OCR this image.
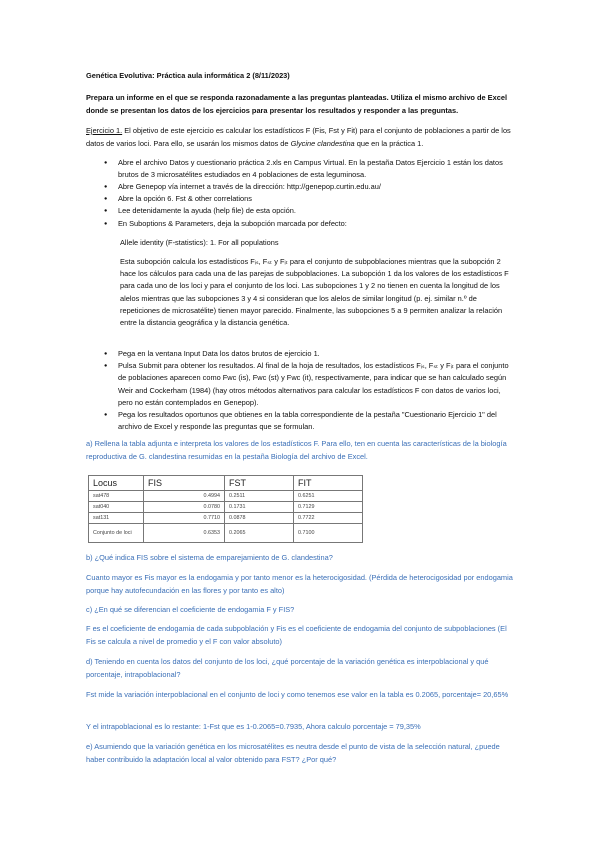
Genética Evolutiva: Práctica aula informática 2 (8/11/2023)
Prepara un informe en el que se responda razonadamente a las preguntas planteadas. Utiliza el mismo archivo de Excel donde se presentan los datos de los ejercicios para presentar los resultados y responder a las preguntas.
Ejercicio 1. El objetivo de este ejercicio es calcular los estadísticos F (Fis, Fst y Fit) para el conjunto de poblaciones a partir de los datos de varios loci. Para ello, se usarán los mismos datos de Glycine clandestina que en la práctica 1.
● Abre el archivo Datos y cuestionario práctica 2.xls en Campus Virtual. En la pestaña Datos Ejercicio 1 están los datos brutos de 3 microsatélites estudiados en 4 poblaciones de esta leguminosa.
● Abre Genepop vía internet a través de la dirección: http://genepop.curtin.edu.au/
● Abre la opción 6. Fst & other correlations
● Lee detenidamente la ayuda (help file) de esta opción.
● En Suboptions & Parameters, deja la subopción marcada por defecto:
Allele identity (F-statistics): 1. For all populations
Esta subopción calcula los estadísticos Fᵢₛ, Fₛₜ y Fᵢₜ para el conjunto de subpoblaciones mientras que la subopción 2 hace los cálculos para cada una de las parejas de subpoblaciones. La subopción 1 da los valores de los estadísticos F para cada uno de los loci y para el conjunto de los loci. Las subopciones 1 y 2 no tienen en cuenta la longitud de los alelos mientras que las subopciones 3 y 4 si consideran que los alelos de similar longitud (p. ej. similar n.º de repeticiones de microsatélite) tienen mayor parecido. Finalmente, las subopciones 5 a 9 permiten analizar la relación entre la distancia geográfica y la distancia genética.
● Pega en la ventana Input Data los datos brutos de ejercicio 1.
● Pulsa Submit para obtener los resultados. Al final de la hoja de resultados, los estadísticos Fᵢₛ, Fₛₜ y Fᵢₜ para el conjunto de poblaciones aparecen como Fwc (is), Fwc (st) y Fwc (it), respectivamente, para indicar que se han calculado según Weir and Cockerham (1984) (hay otros métodos alternativos para calcular los estadísticos F con datos de varios loci, pero no están contemplados en Genepop).
● Pega los resultados oportunos que obtienes en la tabla correspondiente de la pestaña "Cuestionario Ejercicio 1" del archivo de Excel y responde las preguntas que se formulan.
a) Rellena la tabla adjunta e interpreta los valores de los estadísticos F. Para ello, ten en cuenta las características de la biología reproductiva de G. clandestina resumidas en la pestaña Biología del archivo de Excel.
Locus	FIS	FST	FIT
sat478	0.4994	0.2511	0.6251
sat040	0.0780	0.1731	0.7129
sat131	0.7710	0.0878	0.7722
Conjunto de loci	0.6353	0.2065	0.7100
b) ¿Qué indica FIS sobre el sistema de emparejamiento de G. clandestina?
Cuanto mayor es Fis mayor es la endogamia y por tanto menor es la heterocigosidad. (Pérdida de heterocigosidad por endogamia porque hay autofecundación en las flores y por tanto es alto)
c) ¿En qué se diferencian el coeficiente de endogamia F y FIS?
F es el coeficiente de endogamia de cada subpoblación y Fis es el coeficiente de endogamia del conjunto de subpoblaciones (El Fis se calcula a nivel de promedio y el F con valor absoluto)
d) Teniendo en cuenta los datos del conjunto de los loci, ¿qué porcentaje de la variación genética es interpoblacional y qué porcentaje, intrapoblacional?
Fst mide la variación interpoblacional en el conjunto de loci y como tenemos ese valor en la tabla es 0.2065, porcentaje= 20,65%
Y el intrapoblacional es lo restante: 1-Fst que es 1-0.2065=0.7935, Ahora calculo porcentaje = 79,35%
e) Asumiendo que la variación genética en los microsatélites es neutra desde el punto de vista de la selección natural, ¿puede haber contribuido la adaptación local al valor obtenido para FST? ¿Por qué?
